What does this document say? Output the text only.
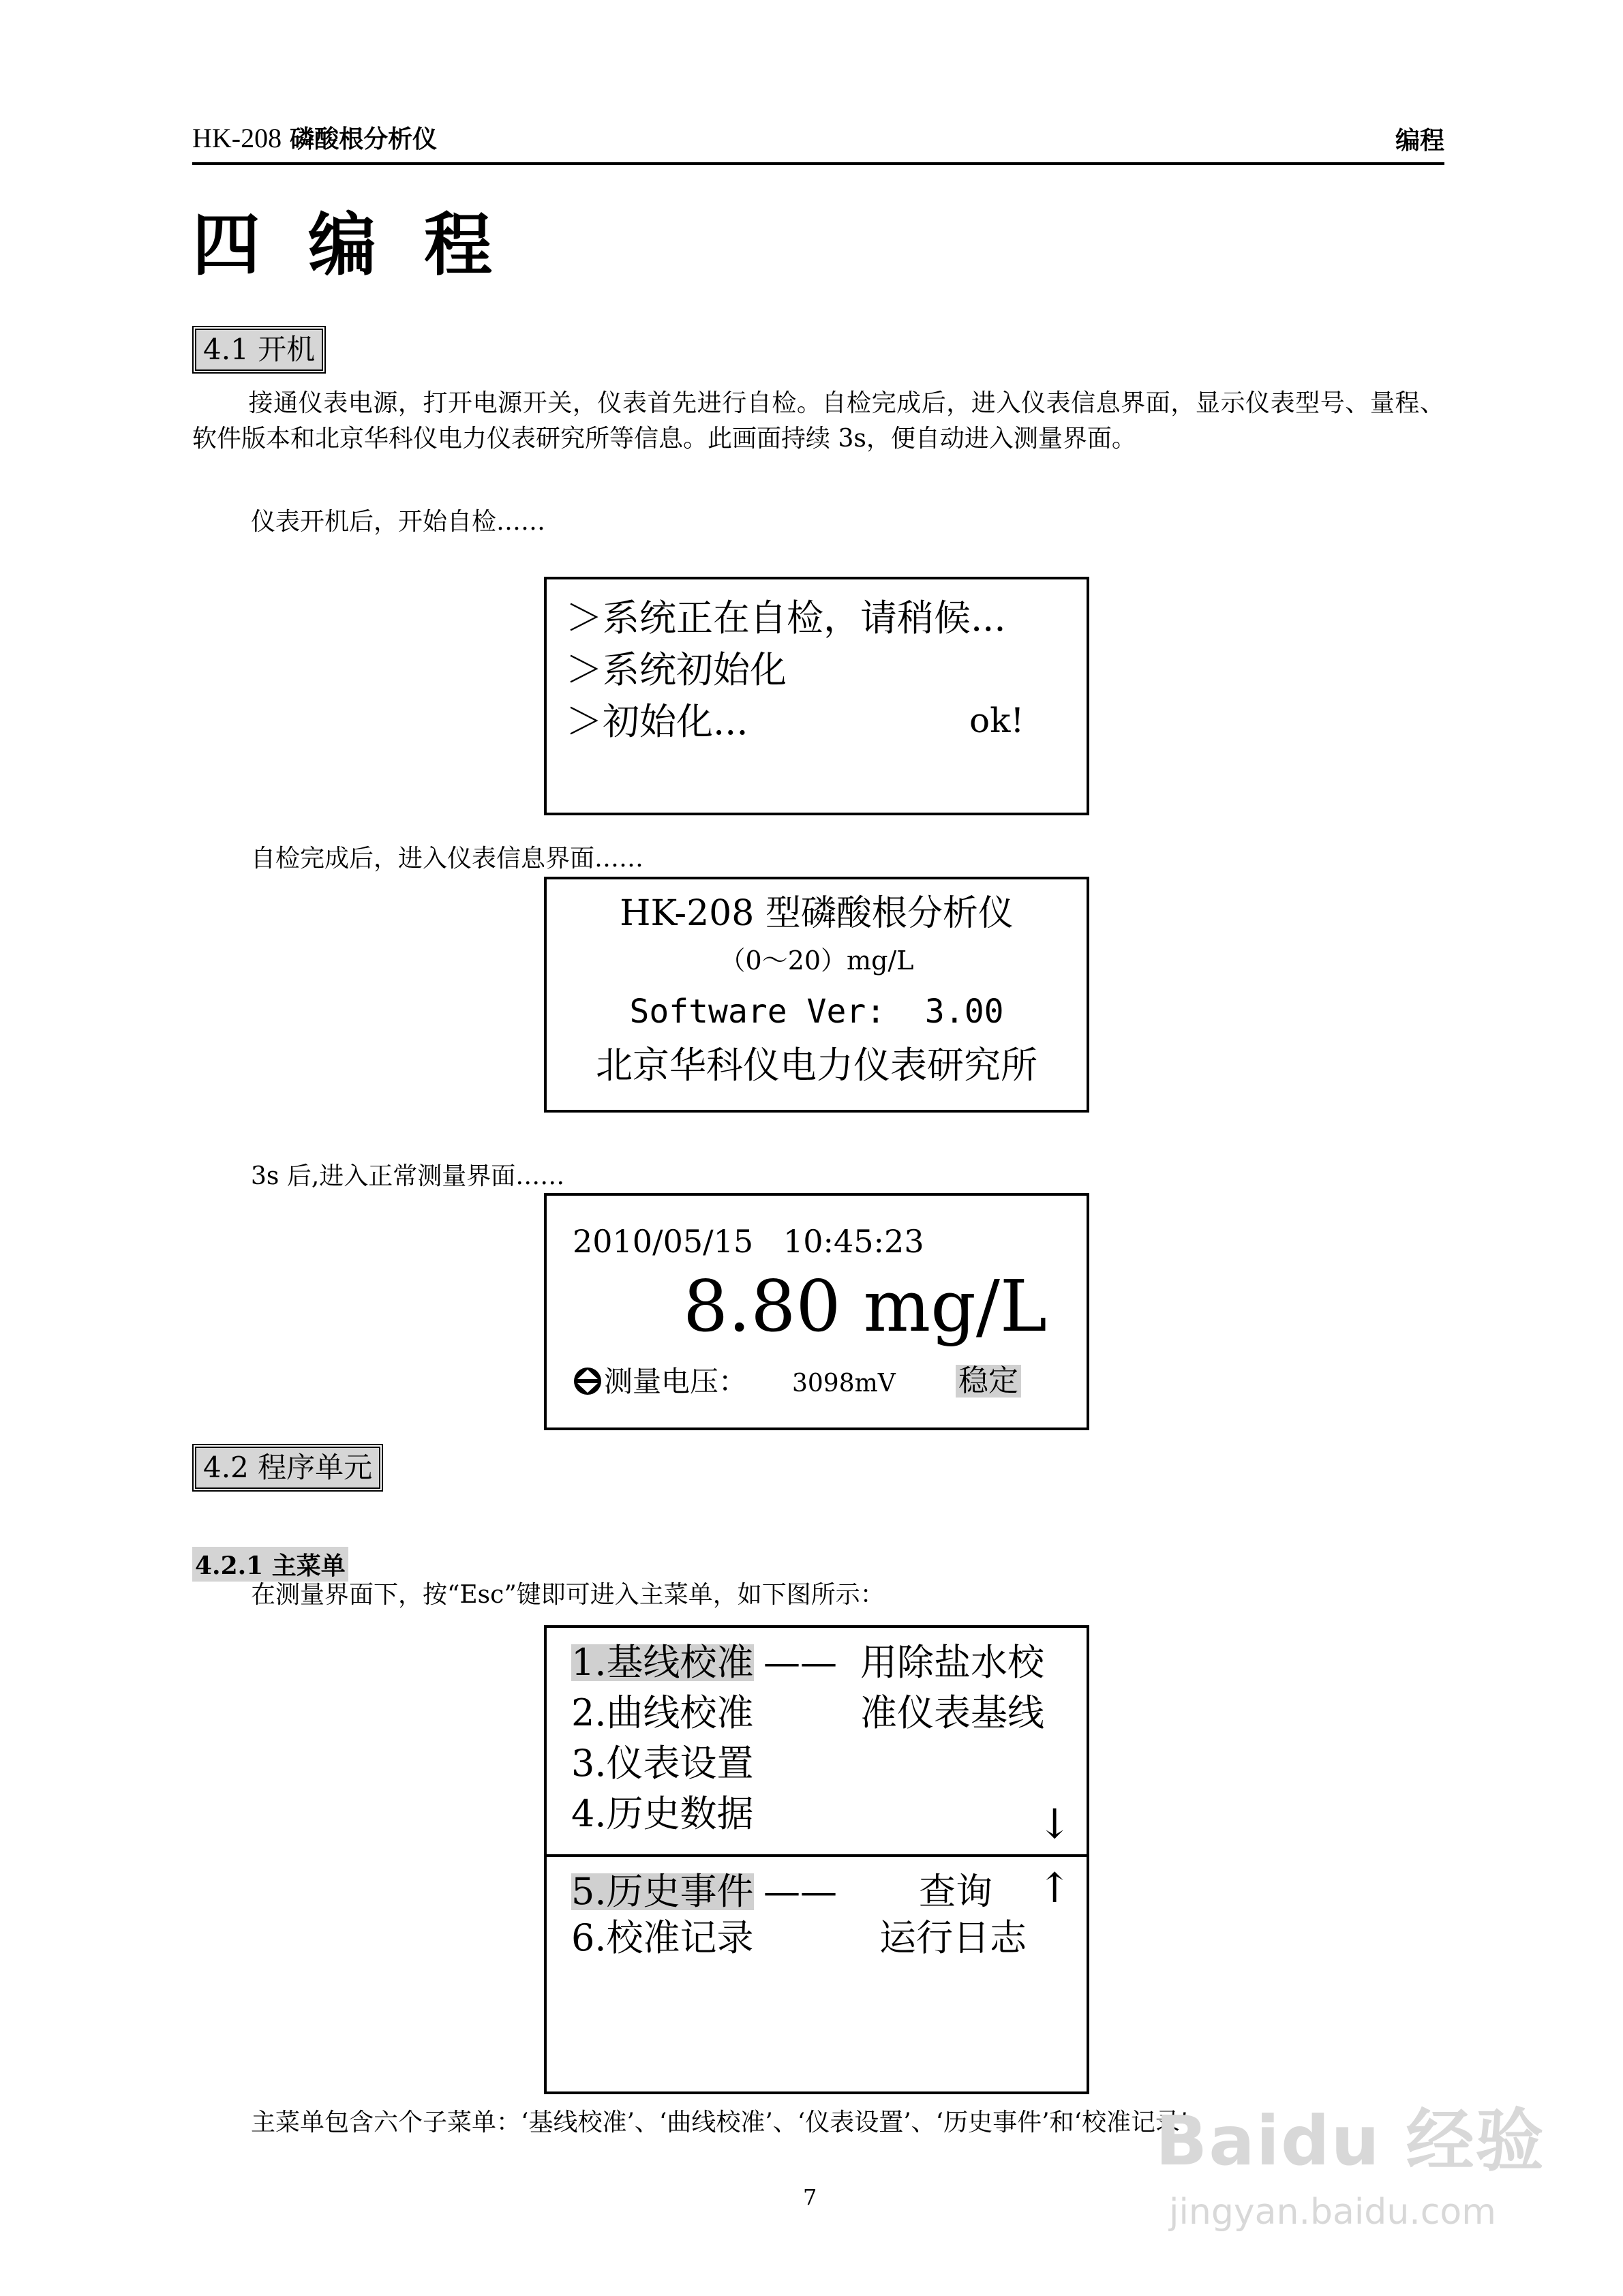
HK-208 磷酸根分析仪	编程
四编程
4.1 开机
接通仪表电源，打开电源开关，仪表首先进行自检。自检完成后，进入仪表信息界面，显示仪表型号、量程、软件版本和北京华科仪电力仪表研究所等信息。此画面持续 3s，便自动进入测量界面。
仪表开机后，开始自检……
＞系统正在自检，请稍候...
＞系统初始化
＞初始化...	ok!
自检完成后，进入仪表信息界面……
HK-208 型磷酸根分析仪
（0～20）mg/L
Software Ver:  3.00
北京华科仪电力仪表研究所
3s 后,进入正常测量界面……
2010/05/15   10:45:23
8.80 mg/L
测量电压： 3098mV 稳定
4.2 程序单元
4.2.1 主菜单
在测量界面下，按“Esc”键即可进入主菜单，如下图所示：
1.基线校准 —— 用除盐水校
2.曲线校准	准仪表基线
3.仪表设置
4.历史数据	↓
5.历史事件 —— 查询 ↑
6.校准记录	运行日志
主菜单包含六个子菜单：‘基线校准’、‘曲线校准’、‘仪表设置’、‘历史事件’和‘校准记录’。
7
Baidu 经验
jingyan.baidu.com
